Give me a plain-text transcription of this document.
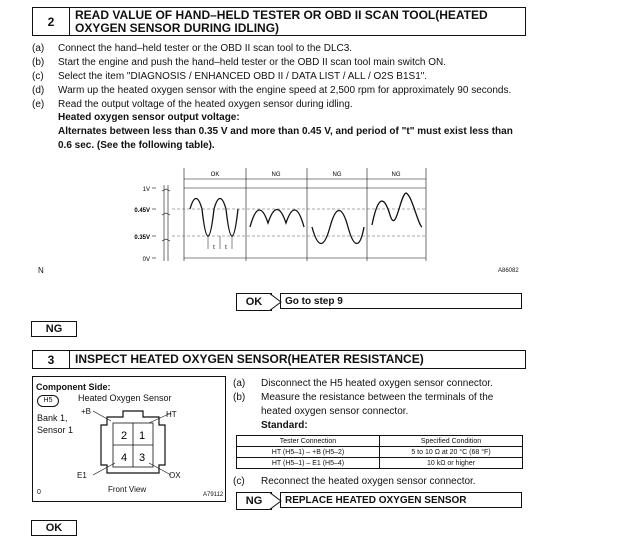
2	READ VALUE OF HAND–HELD TESTER OR OBD II SCAN TOOL(HEATED
OXYGEN SENSOR DURING IDLING)
(a) Connect the hand–held tester or the OBD II scan tool to the DLC3.
(b) Start the engine and push the hand–held tester or the OBD II scan tool main switch ON.
(c) Select the item "DIAGNOSIS / ENHANCED OBD II / DATA LIST / ALL / O2S B1S1".
(d) Warm up the heated oxygen sensor with the engine speed at 2,500 rpm for approximately 90 seconds.
(e) Read the output voltage of the heated oxygen sensor during idling.
Heated oxygen sensor output voltage:
Alternates between less than 0.35 V and more than 0.45 V, and period of "t" must exist less than
0.6 sec. (See the following table).
1V
0.45V
0.35V
0V
OK	NG	NG	NG
t t
N	A86082
OK	Go to step 9
NG
3	INSPECT HEATED OXYGEN SENSOR(HEATER RESISTANCE)
Component Side:
H5	Heated Oxygen Sensor
Bank 1,
Sensor 1
+B	HT
E1	OX
2 1
4 3
Front View
0	A79112
(a) Disconnect the H5 heated oxygen sensor connector.
(b) Measure the resistance between the terminals of the
heated oxygen sensor connector.
Standard:
Tester Connection	Specified Condition
HT (H5–1) – +B (H5–2)	5 to 10 Ω at 20 °C (68 °F)
HT (H5–1) – E1 (H5–4)	10 kΩ or higher
(c) Reconnect the heated oxygen sensor connector.
NG	REPLACE HEATED OXYGEN SENSOR
OK
